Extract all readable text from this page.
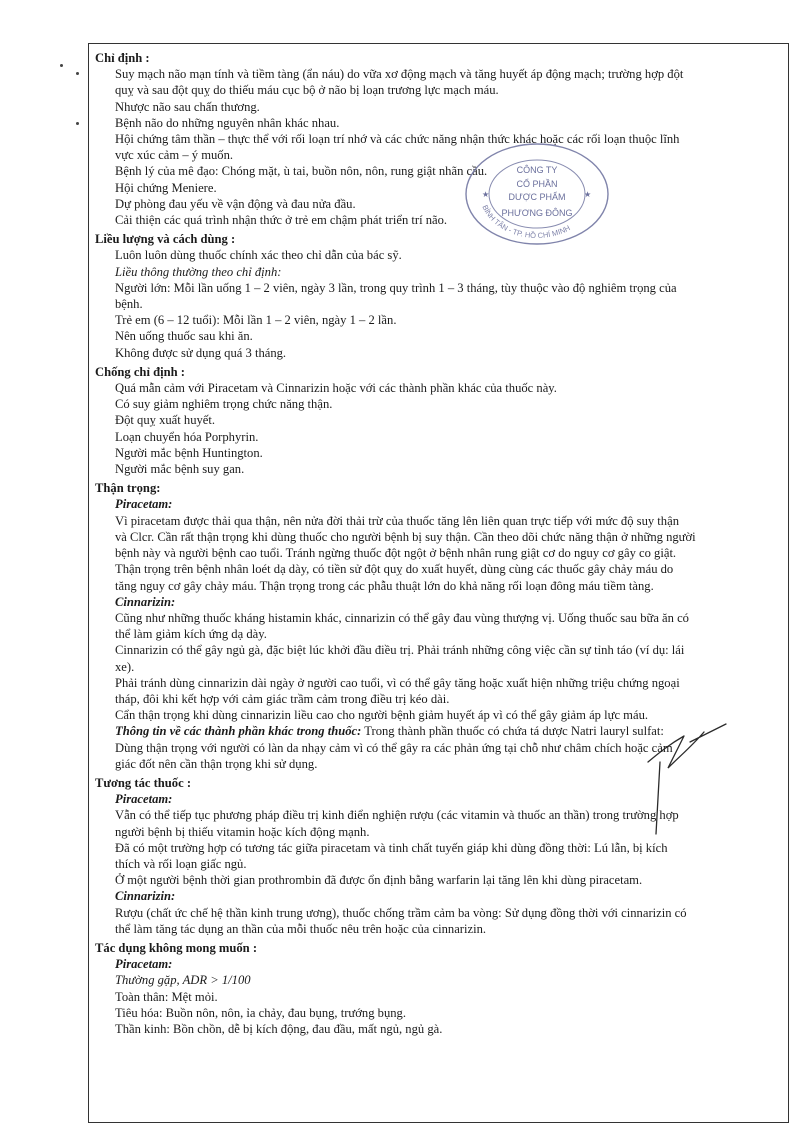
Chỉ định :

Suy mạch não mạn tính và tiềm tàng (ẩn náu) do vữa xơ động mạch và tăng huyết áp động mạch; trường hợp đột

quỵ và sau đột quỵ do thiếu máu cục bộ ở não bị loạn trương lực mạch máu.

Nhược não sau chấn thương.

Bệnh não do những nguyên nhân khác nhau.

Hội chứng tâm thần – thực thể với rối loạn trí nhớ và các chức năng nhận thức khác hoặc các rối loạn thuộc lĩnh

vực xúc cảm – ý muốn.

Bệnh lý của mê đạo: Chóng mặt, ù tai, buồn nôn, nôn, rung giật nhãn cầu.

Hội chứng Meniere.

Dự phòng đau yếu về vận động và đau nửa đầu.

Cải thiện các quá trình nhận thức ở trẻ em chậm phát triển trí não.

Liều lượng và cách dùng :

Luôn luôn dùng thuốc chính xác theo chỉ dẫn của bác sỹ.

Liều thông thường theo chỉ định:

Người lớn: Mỗi lần uống 1 – 2 viên, ngày 3 lần, trong quy trình 1 – 3 tháng, tùy thuộc vào độ nghiêm trọng của

bệnh.

Trẻ em (6 – 12 tuổi): Mỗi lần 1 – 2 viên, ngày 1 – 2 lần.

Nên uống thuốc sau khi ăn.

Không được sử dụng quá 3 tháng.

Chống chỉ định :

Quá mẫn cảm với Piracetam và Cinnarizin hoặc với các thành phần khác của thuốc này.

Có suy giảm nghiêm trọng chức năng thận.

Đột quỵ xuất huyết.

Loạn chuyển hóa Porphyrin.

Người mắc bệnh Huntington.

Người mắc bệnh suy gan.

Thận trọng:

Piracetam:

Vì piracetam được thải qua thận, nên nửa đời thải trừ của thuốc tăng lên liên quan trực tiếp với mức độ suy thận

và Clcr. Cần rất thận trọng khi dùng thuốc cho người bệnh bị suy thận. Cần theo dõi chức năng thận ở những người

bệnh này và người bệnh cao tuổi. Tránh ngừng thuốc đột ngột ở bệnh nhân rung giật cơ do nguy cơ gây co giật.

Thận trọng trên bệnh nhân loét dạ dày, có tiền sử đột quỵ do xuất huyết, dùng cùng các thuốc gây chảy máu do

tăng nguy cơ gây chảy máu. Thận trọng trong các phẫu thuật lớn do khả năng rối loạn đông máu tiềm tàng.

Cinnarizin:

Cũng như những thuốc kháng histamin khác, cinnarizin có thể gây đau vùng thượng vị. Uống thuốc sau bữa ăn có

thể làm giảm kích ứng dạ dày.

Cinnarizin có thể gây ngủ gà, đặc biệt lúc khởi đầu điều trị. Phải tránh những công việc cần sự tỉnh táo (ví dụ: lái

xe).

Phải tránh dùng cinnarizin dài ngày ở người cao tuổi, vì có thể gây tăng hoặc xuất hiện những triệu chứng ngoại

tháp, đôi khi kết hợp với cảm giác trầm cảm trong điều trị kéo dài.

Cẩn thận trọng khi dùng cinnarizin liều cao cho người bệnh giảm huyết áp vì có thể gây giảm áp lực máu.

Thông tin về các thành phần khác trong thuốc: Trong thành phần thuốc có chứa tá dược Natri lauryl sulfat:

Dùng thận trọng với người có làn da nhạy cảm vì có thể gây ra các phản ứng tại chỗ như châm chích hoặc cảm

giác đốt nên cần thận trọng khi sử dụng.

Tương tác thuốc :

Piracetam:

Vẫn có thể tiếp tục phương pháp điều trị kinh điển nghiện rượu (các vitamin và thuốc an thần) trong trường hợp

người bệnh bị thiếu vitamin hoặc kích động mạnh.

Đã có một trường hợp có tương tác giữa piracetam và tinh chất tuyến giáp khi dùng đồng thời: Lú lẫn, bị kích

thích và rối loạn giấc ngủ.

Ở một người bệnh thời gian prothrombin đã được ổn định bằng warfarin lại tăng lên khi dùng piracetam.

Cinnarizin:

Rượu (chất ức chế hệ thần kinh trung ương), thuốc chống trầm cảm ba vòng: Sử dụng đồng thời với cinnarizin có

thể làm tăng tác dụng an thần của mỗi thuốc nêu trên hoặc của cinnarizin.

Tác dụng không mong muốn :

Piracetam:

Thường gặp, ADR > 1/100

Toàn thân: Mệt mỏi.

Tiêu hóa: Buồn nôn, nôn, ỉa chảy, đau bụng, trướng bụng.

Thần kinh: Bồn chồn, dễ bị kích động, đau đầu, mất ngủ, ngủ gà.

BÌNH TÂN - TP. HỒ CHÍ MINH
CÔNG TY
CỔ PHẦN
DƯỢC PHẨM
PHƯƠNG ĐÔNG
★	★
